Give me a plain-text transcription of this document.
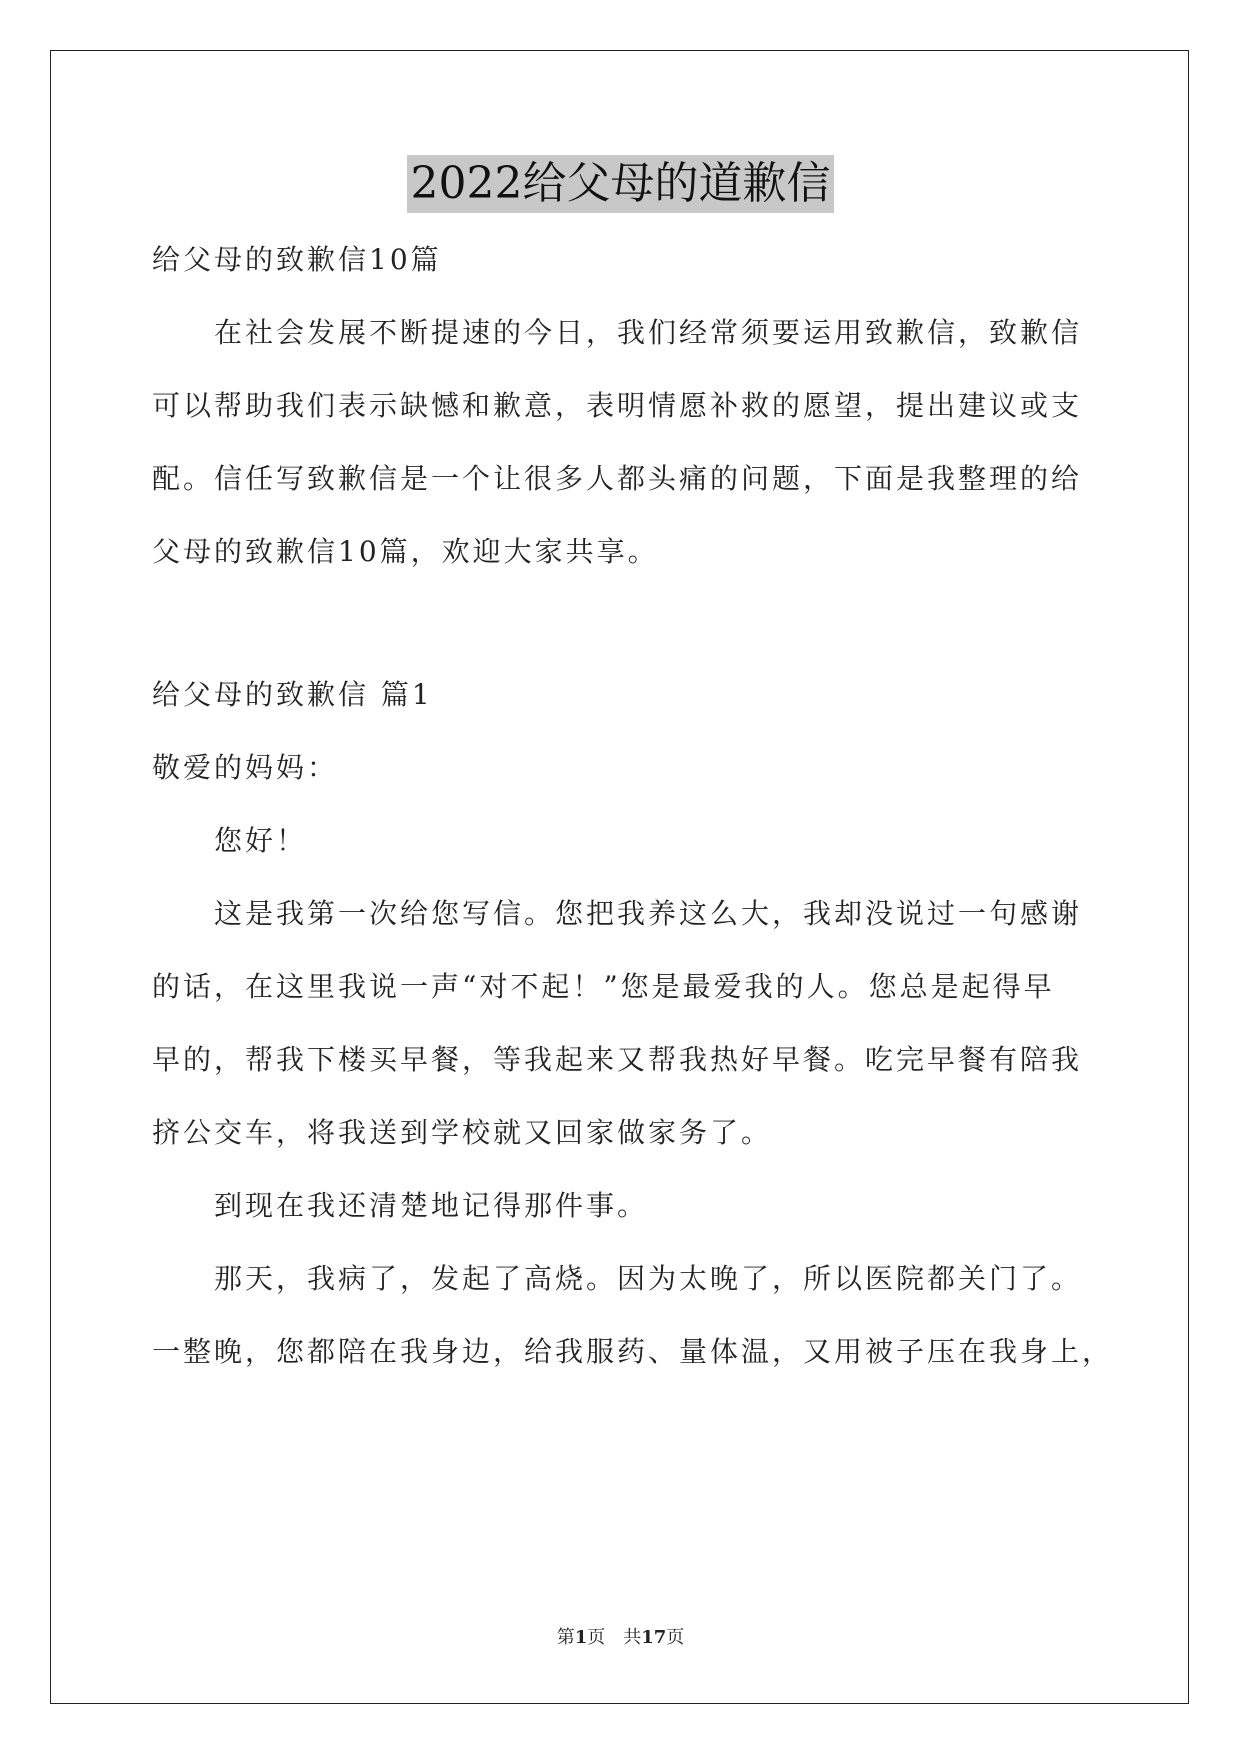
2022给父母的道歉信
给父母的致歉信10篇
在社会发展不断提速的今日，我们经常须要运用致歉信，致歉信
可以帮助我们表示缺憾和歉意，表明情愿补救的愿望，提出建议或支
配。信任写致歉信是一个让很多人都头痛的问题，下面是我整理的给
父母的致歉信10篇，欢迎大家共享。
给父母的致歉信 篇1
敬爱的妈妈：
您好！
这是我第一次给您写信。您把我养这么大，我却没说过一句感谢
的话，在这里我说一声“对不起！”您是最爱我的人。您总是起得早
早的，帮我下楼买早餐，等我起来又帮我热好早餐。吃完早餐有陪我
挤公交车，将我送到学校就又回家做家务了。
到现在我还清楚地记得那件事。
那天，我病了，发起了高烧。因为太晚了，所以医院都关门了。
一整晚，您都陪在我身边，给我服药、量体温，又用被子压在我身上，
第1页　共17页
